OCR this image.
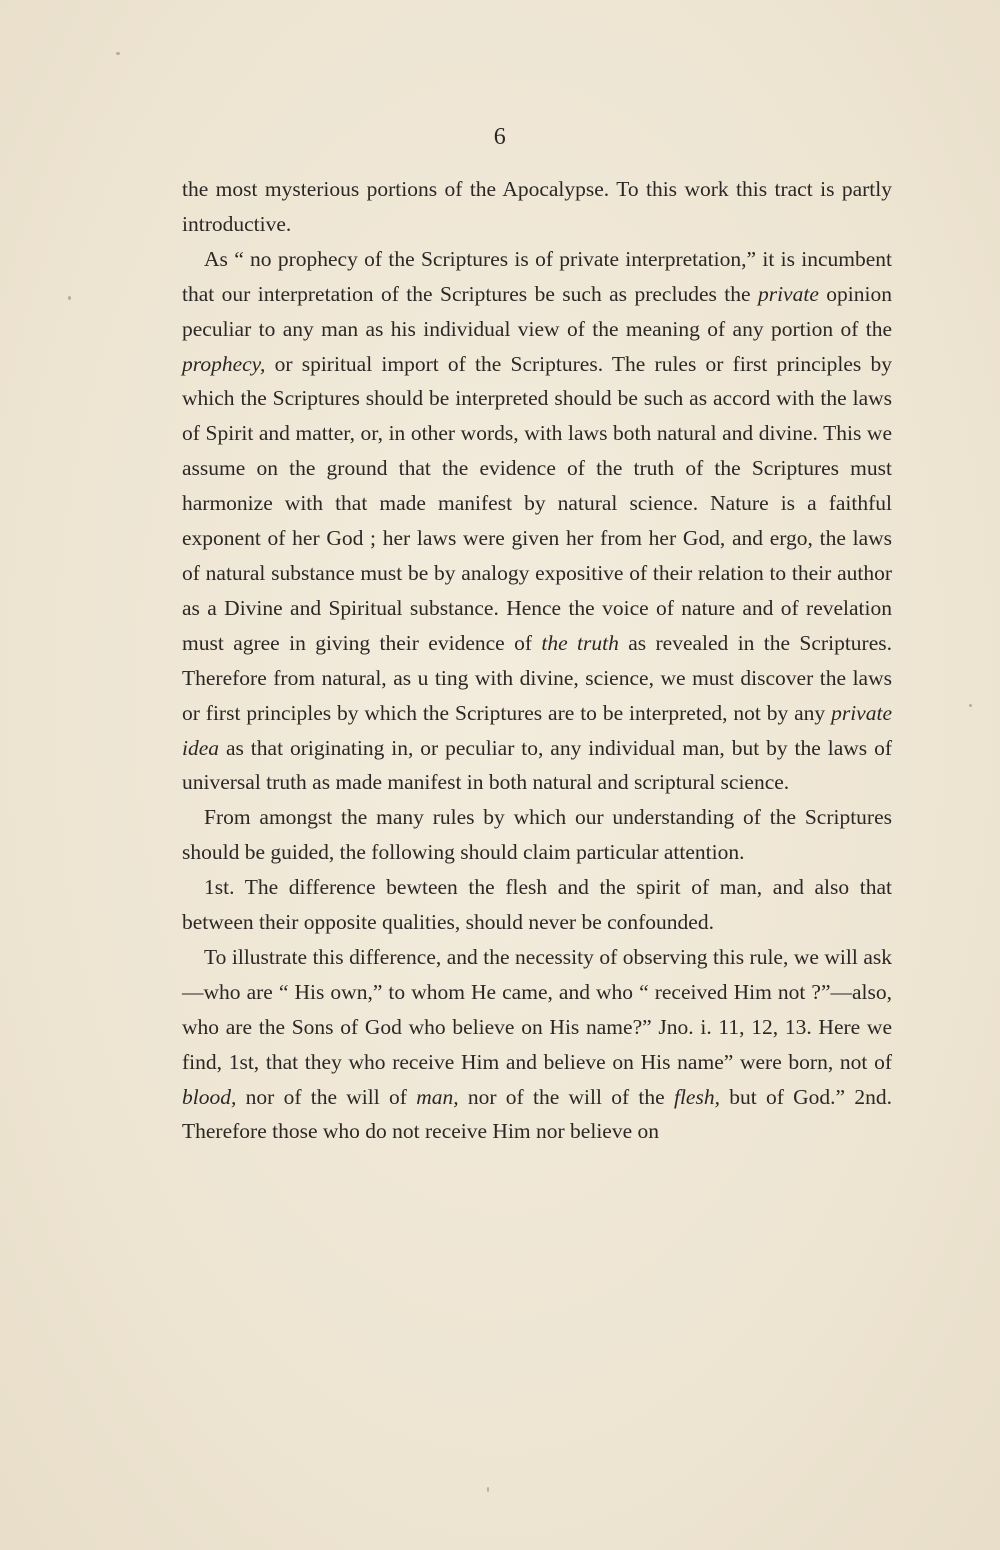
6

the most mysterious portions of the Apocalypse. To this work this tract is partly introductive.

As “ no prophecy of the Scriptures is of private interpretation,” it is incumbent that our interpretation of the Scriptures be such as precludes the private opinion peculiar to any man as his individual view of the meaning of any portion of the prophecy, or spiritual import of the Scriptures. The rules or first principles by which the Scriptures should be interpreted should be such as accord with the laws of Spirit and matter, or, in other words, with laws both natural and divine. This we assume on the ground that the evidence of the truth of the Scriptures must harmonize with that made manifest by natural science. Nature is a faithful exponent of her God ; her laws were given her from her God, and ergo, the laws of natural substance must be by analogy expositive of their relation to their author as a Divine and Spiritual substance. Hence the voice of nature and of revelation must agree in giving their evidence of the truth as revealed in the Scriptures. Therefore from natural, as u ting with divine, science, we must discover the laws or first principles by which the Scriptures are to be interpreted, not by any private idea as that originating in, or peculiar to, any individual man, but by the laws of universal truth as made manifest in both natural and scriptural science.

From amongst the many rules by which our understanding of the Scriptures should be guided, the following should claim particular attention.

1st. The difference bewteen the flesh and the spirit of man, and also that between their opposite qualities, should never be confounded.

To illustrate this difference, and the necessity of observing this rule, we will ask—who are “ His own,” to whom He came, and who “ received Him not ?”—also, who are the Sons of God who believe on His name?” Jno. i. 11, 12, 13. Here we find, 1st, that they who receive Him and believe on His name” were born, not of blood, nor of the will of man, nor of the will of the flesh, but of God.” 2nd. Therefore those who do not receive Him nor believe on
